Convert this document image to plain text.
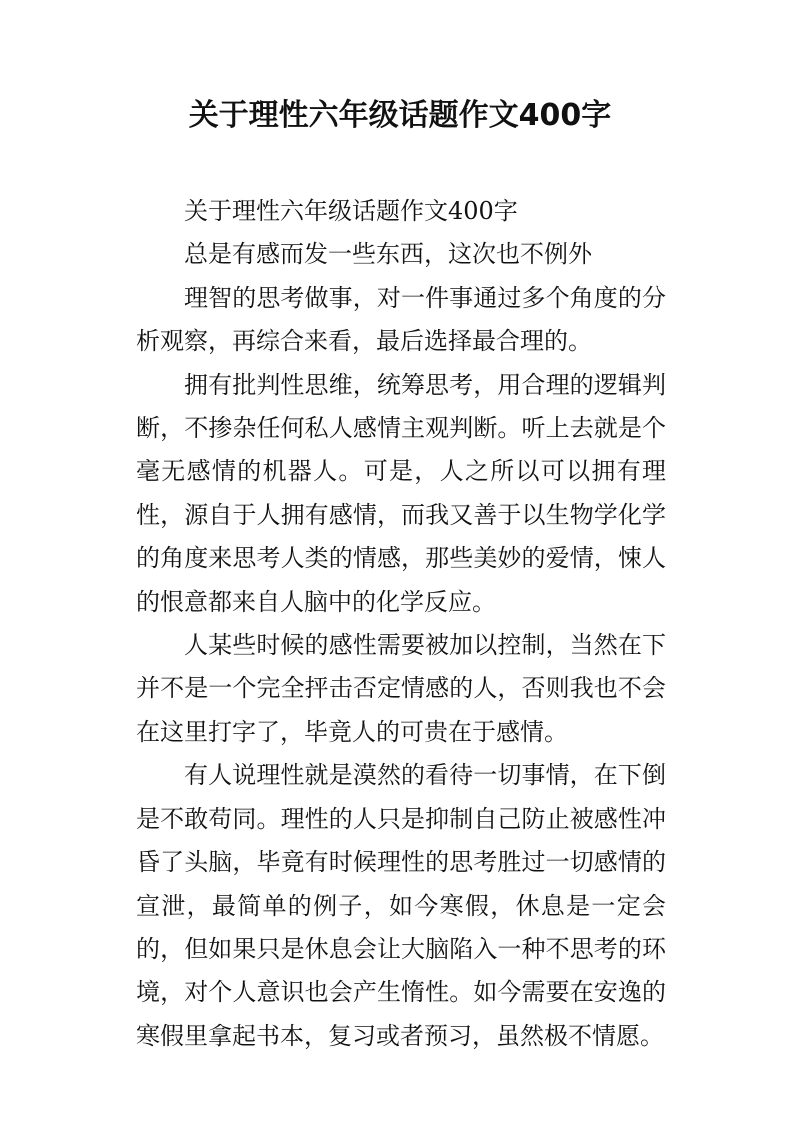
关于理性六年级话题作文400字

关于理性六年级话题作文400字

总是有感而发一些东西，这次也不例外

理智的思考做事，对一件事通过多个角度的分析观察，再综合来看，最后选择最合理的。

拥有批判性思维，统筹思考，用合理的逻辑判断，不掺杂任何私人感情主观判断。听上去就是个毫无感情的机器人。可是，人之所以可以拥有理性，源自于人拥有感情，而我又善于以生物学化学的角度来思考人类的情感，那些美妙的爱情，悚人的恨意都来自人脑中的化学反应。

人某些时候的感性需要被加以控制，当然在下并不是一个完全抨击否定情感的人，否则我也不会在这里打字了，毕竟人的可贵在于感情。

有人说理性就是漠然的看待一切事情，在下倒是不敢苟同。理性的人只是抑制自己防止被感性冲昏了头脑，毕竟有时候理性的思考胜过一切感情的宣泄，最简单的例子，如今寒假，休息是一定会的，但如果只是休息会让大脑陷入一种不思考的环境，对个人意识也会产生惰性。如今需要在安逸的寒假里拿起书本，复习或者预习，虽然极不情愿。
